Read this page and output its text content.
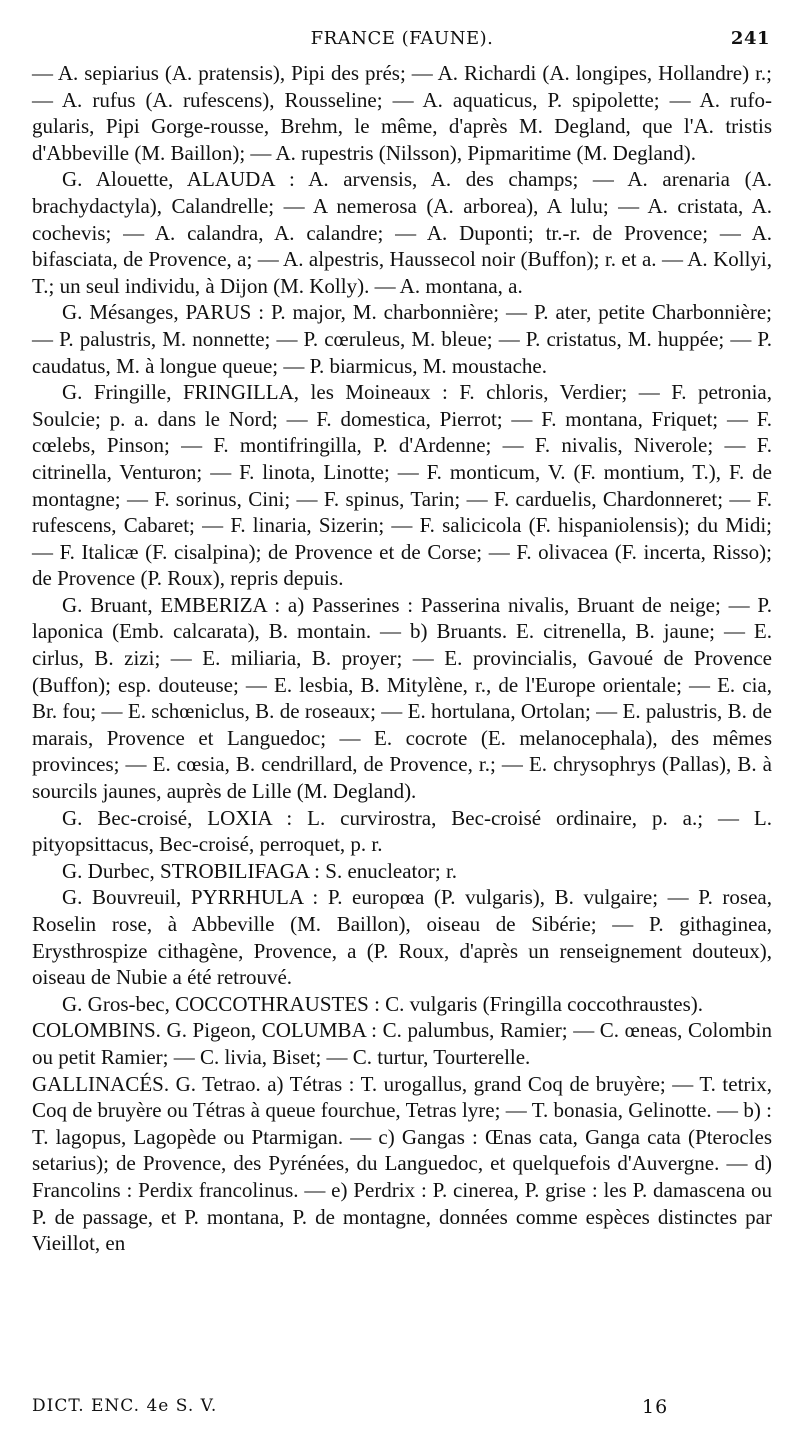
FRANCE (FAUNE).	241

— A. sepiarius (A. pratensis), Pipi des prés; — A. Richardi (A. longipes, Hollandre) r.; — A. rufus (A. rufescens), Rousseline; — A. aquaticus, P. spipolette; — A. rufo-gularis, Pipi Gorge-rousse, Brehm, le même, d'après M. Degland, que l'A. tristis d'Abbeville (M. Baillon); — A. rupestris (Nilsson), Pipmaritime (M. Degland).

G. Alouette, ALAUDA : A. arvensis, A. des champs; — A. arenaria (A. brachydactyla), Calandrelle; — A nemerosa (A. arborea), A lulu; — A. cristata, A. cochevis; — A. calandra, A. calandre; — A. Duponti; tr.-r. de Provence; — A. bifasciata, de Provence, a; — A. alpestris, Haussecol noir (Buffon); r. et a. — A. Kollyi, T.; un seul individu, à Dijon (M. Kolly). — A. montana, a.

G. Mésanges, PARUS : P. major, M. charbonnière; — P. ater, petite Charbonnière; — P. palustris, M. nonnette; — P. cœruleus, M. bleue; — P. cristatus, M. huppée; — P. caudatus, M. à longue queue; — P. biarmicus, M. moustache.

G. Fringille, FRINGILLA, les Moineaux : F. chloris, Verdier; — F. petronia, Soulcie; p. a. dans le Nord; — F. domestica, Pierrot; — F. montana, Friquet; — F. cœlebs, Pinson; — F. montifringilla, P. d'Ardenne; — F. nivalis, Niverole; — F. citrinella, Venturon; — F. linota, Linotte; — F. monticum, V. (F. montium, T.), F. de montagne; — F. sorinus, Cini; — F. spinus, Tarin; — F. carduelis, Chardonneret; — F. rufescens, Cabaret; — F. linaria, Sizerin; — F. salicicola (F. hispaniolensis); du Midi; — F. Italicæ (F. cisalpina); de Provence et de Corse; — F. olivacea (F. incerta, Risso); de Provence (P. Roux), repris depuis.

G. Bruant, EMBERIZA : a) Passerines : Passerina nivalis, Bruant de neige; — P. laponica (Emb. calcarata), B. montain. — b) Bruants. E. citrenella, B. jaune; — E. cirlus, B. zizi; — E. miliaria, B. proyer; — E. provincialis, Gavoué de Provence (Buffon); esp. douteuse; — E. lesbia, B. Mitylène, r., de l'Europe orientale; — E. cia, Br. fou; — E. schœniclus, B. de roseaux; — E. hortulana, Ortolan; — E. palustris, B. de marais, Provence et Languedoc; — E. cocrote (E. melanocephala), des mêmes provinces; — E. cœsia, B. cendrillard, de Provence, r.; — E. chrysophrys (Pallas), B. à sourcils jaunes, auprès de Lille (M. Degland).

G. Bec-croisé, LOXIA : L. curvirostra, Bec-croisé ordinaire, p. a.; — L. pityopsittacus, Bec-croisé, perroquet, p. r.

G. Durbec, STROBILIFAGA : S. enucleator; r.

G. Bouvreuil, PYRRHULA : P. europœa (P. vulgaris), B. vulgaire; — P. rosea, Roselin rose, à Abbeville (M. Baillon), oiseau de Sibérie; — P. githaginea, Erysthrospize cithagène, Provence, a (P. Roux, d'après un renseignement douteux), oiseau de Nubie a été retrouvé.

G. Gros-bec, COCCOTHRAUSTES : C. vulgaris (Fringilla coccothraustes).

COLOMBINS. G. Pigeon, COLUMBA : C. palumbus, Ramier; — C. œneas, Colombin ou petit Ramier; — C. livia, Biset; — C. turtur, Tourterelle.

GALLINACÉS. G. Tetrao. a) Tétras : T. urogallus, grand Coq de bruyère; — T. tetrix, Coq de bruyère ou Tétras à queue fourchue, Tetras lyre; — T. bonasia, Gelinotte. — b) : T. lagopus, Lagopède ou Ptarmigan. — c) Gangas : Œnas cata, Ganga cata (Pterocles setarius); de Provence, des Pyrénées, du Languedoc, et quelquefois d'Auvergne. — d) Francolins : Perdix francolinus. — e) Perdrix : P. cinerea, P. grise : les P. damascena ou P. de passage, et P. montana, P. de montagne, données comme espèces distinctes par Vieillot, en

DICT. ENC. 4e S. V.	16
